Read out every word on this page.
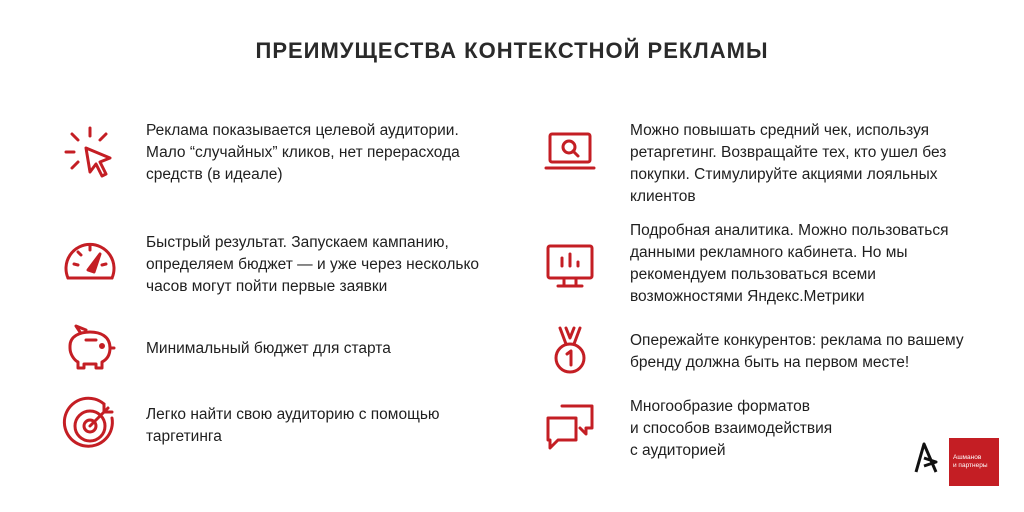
ПРЕИМУЩЕСТВА КОНТЕКСТНОЙ РЕКЛАМЫ
Реклама показывается целевой аудитории.
Мало “случайных” кликов, нет перерасхода
средств (в идеале)
Быстрый результат. Запускаем кампанию,
определяем бюджет — и уже через несколько
часов могут пойти первые заявки
Минимальный бюджет для старта
Легко найти свою аудиторию с помощью
таргетинга
Можно повышать средний чек, используя
ретаргетинг. Возвращайте тех, кто ушел без
покупки. Стимулируйте акциями лояльных
клиентов
Подробная аналитика. Можно пользоваться
данными рекламного кабинета. Но мы
рекомендуем пользоваться всеми
возможностями Яндекс.Метрики
Опережайте конкурентов: реклама по вашему
бренду должна быть на первом месте!
Многообразие форматов
и способов взаимодействия
с аудиторией	Ашманов
и партнеры
